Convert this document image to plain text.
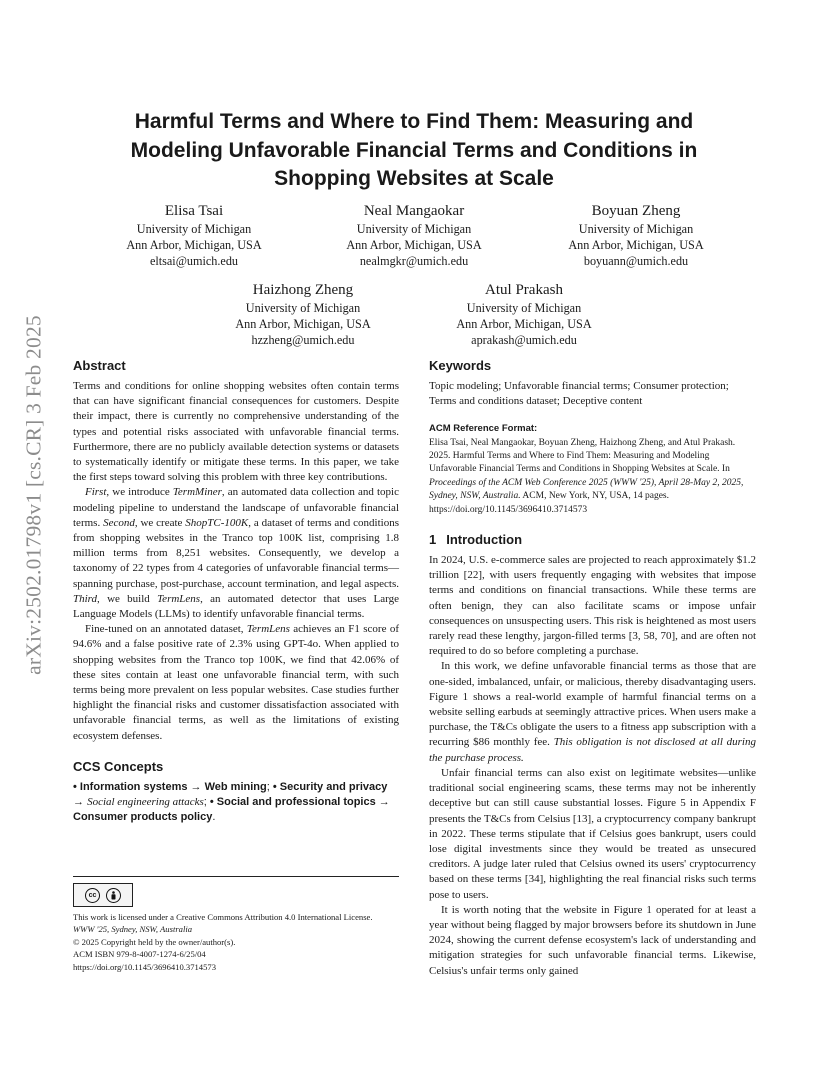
arXiv:2502.01798v1 [cs.CR] 3 Feb 2025
Harmful Terms and Where to Find Them: Measuring and Modeling Unfavorable Financial Terms and Conditions in Shopping Websites at Scale
Elisa Tsai
University of Michigan
Ann Arbor, Michigan, USA
eltsai@umich.edu
Neal Mangaokar
University of Michigan
Ann Arbor, Michigan, USA
nealmgkr@umich.edu
Boyuan Zheng
University of Michigan
Ann Arbor, Michigan, USA
boyuann@umich.edu
Haizhong Zheng
University of Michigan
Ann Arbor, Michigan, USA
hzzheng@umich.edu
Atul Prakash
University of Michigan
Ann Arbor, Michigan, USA
aprakash@umich.edu
Abstract

Terms and conditions for online shopping websites often contain terms that can have significant financial consequences for customers. Despite their impact, there is currently no comprehensive understanding of the types and potential risks associated with unfavorable financial terms. Furthermore, there are no publicly available detection systems or datasets to systematically identify or mitigate these terms. In this paper, we take the first steps toward solving this problem with three key contributions.

First, we introduce TermMiner, an automated data collection and topic modeling pipeline to understand the landscape of unfavorable financial terms. Second, we create ShopTC-100K, a dataset of terms and conditions from shopping websites in the Tranco top 100K list, comprising 1.8 million terms from 8,251 websites. Consequently, we develop a taxonomy of 22 types from 4 categories of unfavorable financial terms—spanning purchase, post-purchase, account termination, and legal aspects. Third, we build TermLens, an automated detector that uses Large Language Models (LLMs) to identify unfavorable financial terms.

Fine-tuned on an annotated dataset, TermLens achieves an F1 score of 94.6% and a false positive rate of 2.3% using GPT-4o. When applied to shopping websites from the Tranco top 100K, we find that 42.06% of these sites contain at least one unfavorable financial term, with such terms being more prevalent on less popular websites. Case studies further highlight the financial risks and customer dissatisfaction associated with unfavorable financial terms, as well as the limitations of existing ecosystem defenses.

CCS Concepts

• Information systems → Web mining; • Security and privacy → Social engineering attacks; • Social and professional topics → Consumer products policy.

cc
This work is licensed under a Creative Commons Attribution 4.0 International License.
WWW '25, Sydney, NSW, Australia
© 2025 Copyright held by the owner/author(s).
ACM ISBN 979-8-4007-1274-6/25/04
https://doi.org/10.1145/3696410.3714573
Keywords

Topic modeling; Unfavorable financial terms; Consumer protection; Terms and conditions dataset; Deceptive content

ACM Reference Format:

Elisa Tsai, Neal Mangaokar, Boyuan Zheng, Haizhong Zheng, and Atul Prakash. 2025. Harmful Terms and Where to Find Them: Measuring and Modeling Unfavorable Financial Terms and Conditions in Shopping Websites at Scale. In Proceedings of the ACM Web Conference 2025 (WWW '25), April 28-May 2, 2025, Sydney, NSW, Australia. ACM, New York, NY, USA, 14 pages. https://doi.org/10.1145/3696410.3714573

1 Introduction

In 2024, U.S. e-commerce sales are projected to reach approximately $1.2 trillion [22], with users frequently engaging with websites that impose terms and conditions on financial transactions. While these terms are often benign, they can also facilitate scams or impose unfair consequences on unsuspecting users. This risk is heightened as most users rarely read these lengthy, jargon-filled terms [3, 58, 70], and are often not required to do so before completing a purchase.

In this work, we define unfavorable financial terms as those that are one-sided, imbalanced, unfair, or malicious, thereby disadvantaging users. Figure 1 shows a real-world example of harmful financial terms on a website selling earbuds at seemingly attractive prices. When users make a purchase, the T&Cs obligate the users to a fitness app subscription with a recurring $86 monthly fee. This obligation is not disclosed at all during the purchase process.

Unfair financial terms can also exist on legitimate websites—unlike traditional social engineering scams, these terms may not be inherently deceptive but can still cause substantial losses. Figure 5 in Appendix F presents the T&Cs from Celsius [13], a cryptocurrency company bankrupt in 2022. These terms stipulate that if Celsius goes bankrupt, users could lose digital investments since they would be treated as unsecured creditors. A judge later ruled that Celsius owned its users' cryptocurrency based on these terms [34], highlighting the real financial risks such terms pose to users.

It is worth noting that the website in Figure 1 operated for at least a year without being flagged by major browsers before its shutdown in June 2024, showing the current defense ecosystem's lack of understanding and mitigation strategies for such unfavorable financial terms. Likewise, Celsius's unfair terms only gained
